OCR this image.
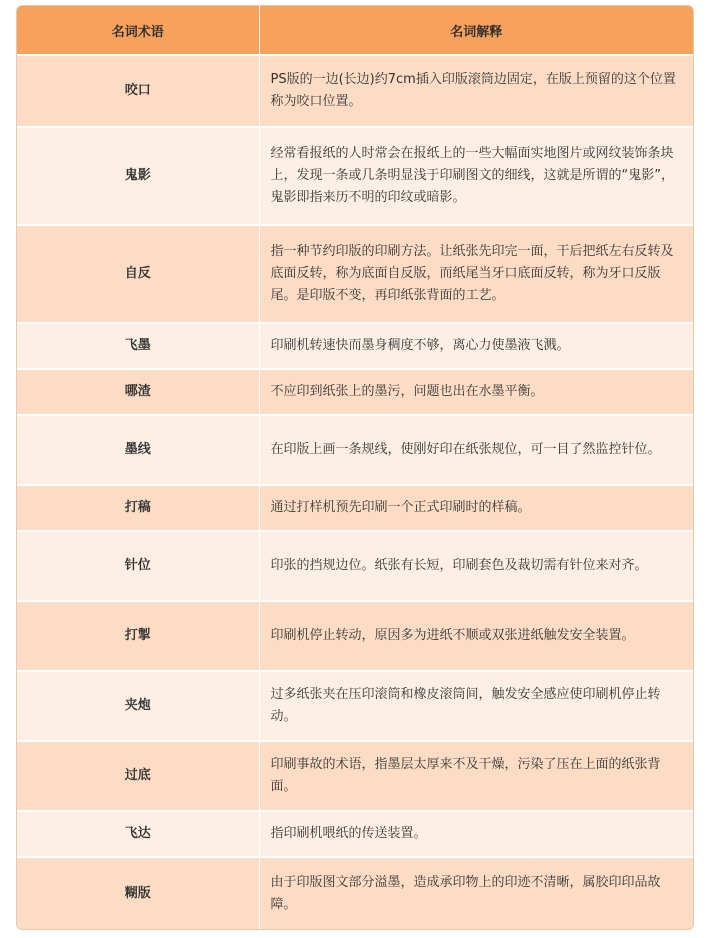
名词术语	名词解释
咬口	PS版的一边(长边)约7cm插入印版滚筒边固定，在版上预留的这个位置称为咬口位置。
鬼影	经常看报纸的人时常会在报纸上的一些大幅面实地图片或网纹装饰条块上，发现一条或几条明显浅于印刷图文的细线，这就是所谓的“鬼影”，鬼影即指来历不明的印纹或暗影。
自反	指一种节约印版的印刷方法。让纸张先印完一面，干后把纸左右反转及底面反转，称为底面自反版，而纸尾当牙口底面反转，称为牙口反版尾。是印版不变，再印纸张背面的工艺。
飞墨	印刷机转速快而墨身稠度不够，离心力使墨液飞溅。
哪渣	不应印到纸张上的墨污，问题也出在水墨平衡。
墨线	在印版上画一条规线，使刚好印在纸张规位，可一目了然监控针位。
打稿	通过打样机预先印刷一个正式印刷时的样稿。
针位	印张的挡规边位。纸张有长短，印刷套色及裁切需有针位来对齐。
打掣	印刷机停止转动，原因多为进纸不顺或双张进纸触发安全装置。
夹炮	过多纸张夹在压印滚筒和橡皮滚筒间，触发安全感应使印刷机停止转动。
过底	印刷事故的术语，指墨层太厚来不及干燥，污染了压在上面的纸张背面。
飞达	指印刷机喂纸的传送装置。
糊版	由于印版图文部分溢墨，造成承印物上的印迹不清晰，属胶印印品故障。
